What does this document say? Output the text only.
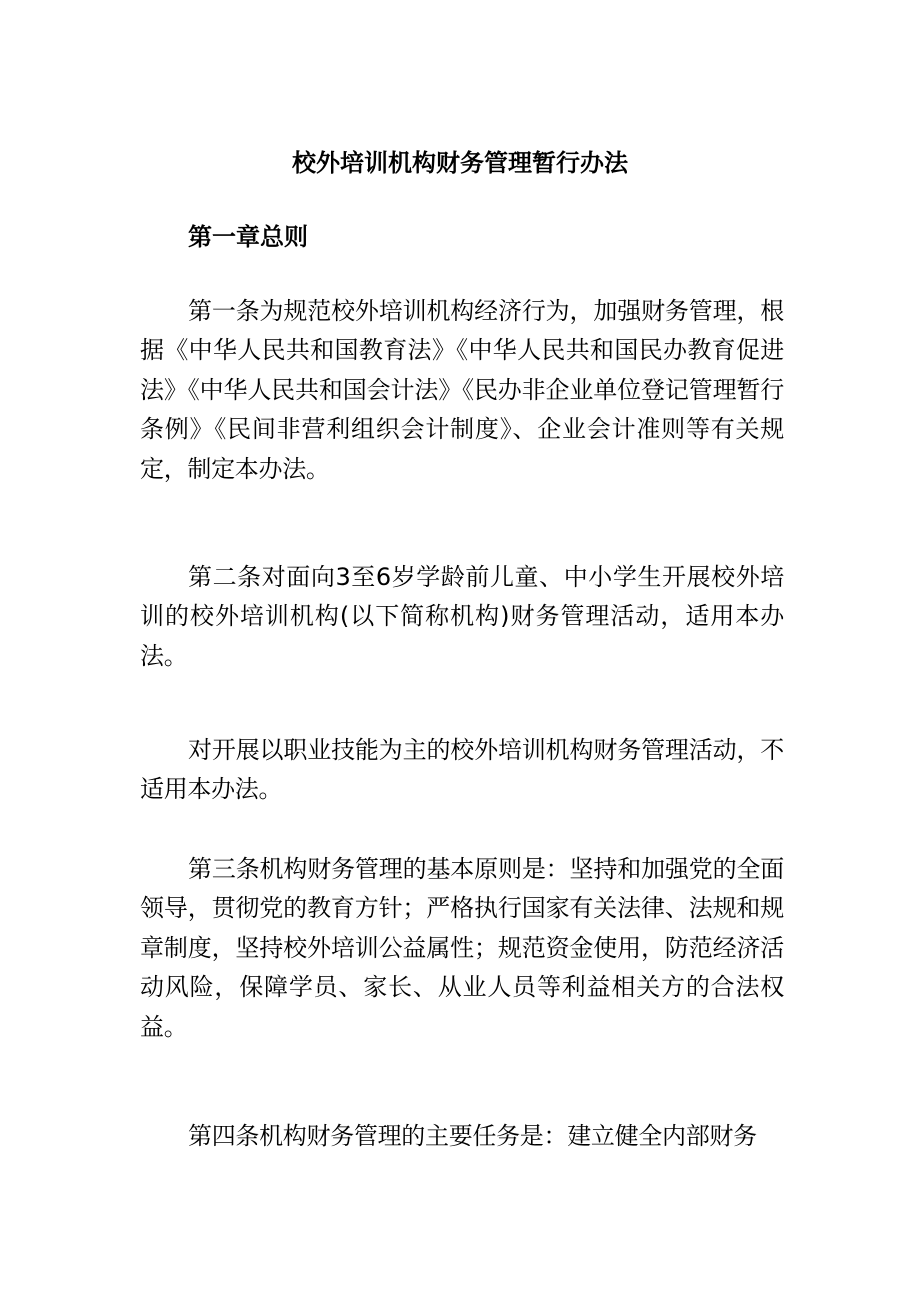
校外培训机构财务管理暂行办法
第一章总则

第一条为规范校外培训机构经济行为，加强财务管理，根据《中华人民共和国教育法》《中华人民共和国民办教育促进法》《中华人民共和国会计法》《民办非企业单位登记管理暂行条例》《民间非营利组织会计制度》、企业会计准则等有关规定，制定本办法。

第二条对面向3至6岁学龄前儿童、中小学生开展校外培训的校外培训机构(以下简称机构)财务管理活动，适用本办法。

对开展以职业技能为主的校外培训机构财务管理活动，不适用本办法。

第三条机构财务管理的基本原则是：坚持和加强党的全面领导，贯彻党的教育方针；严格执行国家有关法律、法规和规章制度，坚持校外培训公益属性；规范资金使用，防范经济活动风险，保障学员、家长、从业人员等利益相关方的合法权益。

第四条机构财务管理的主要任务是：建立健全内部财务
